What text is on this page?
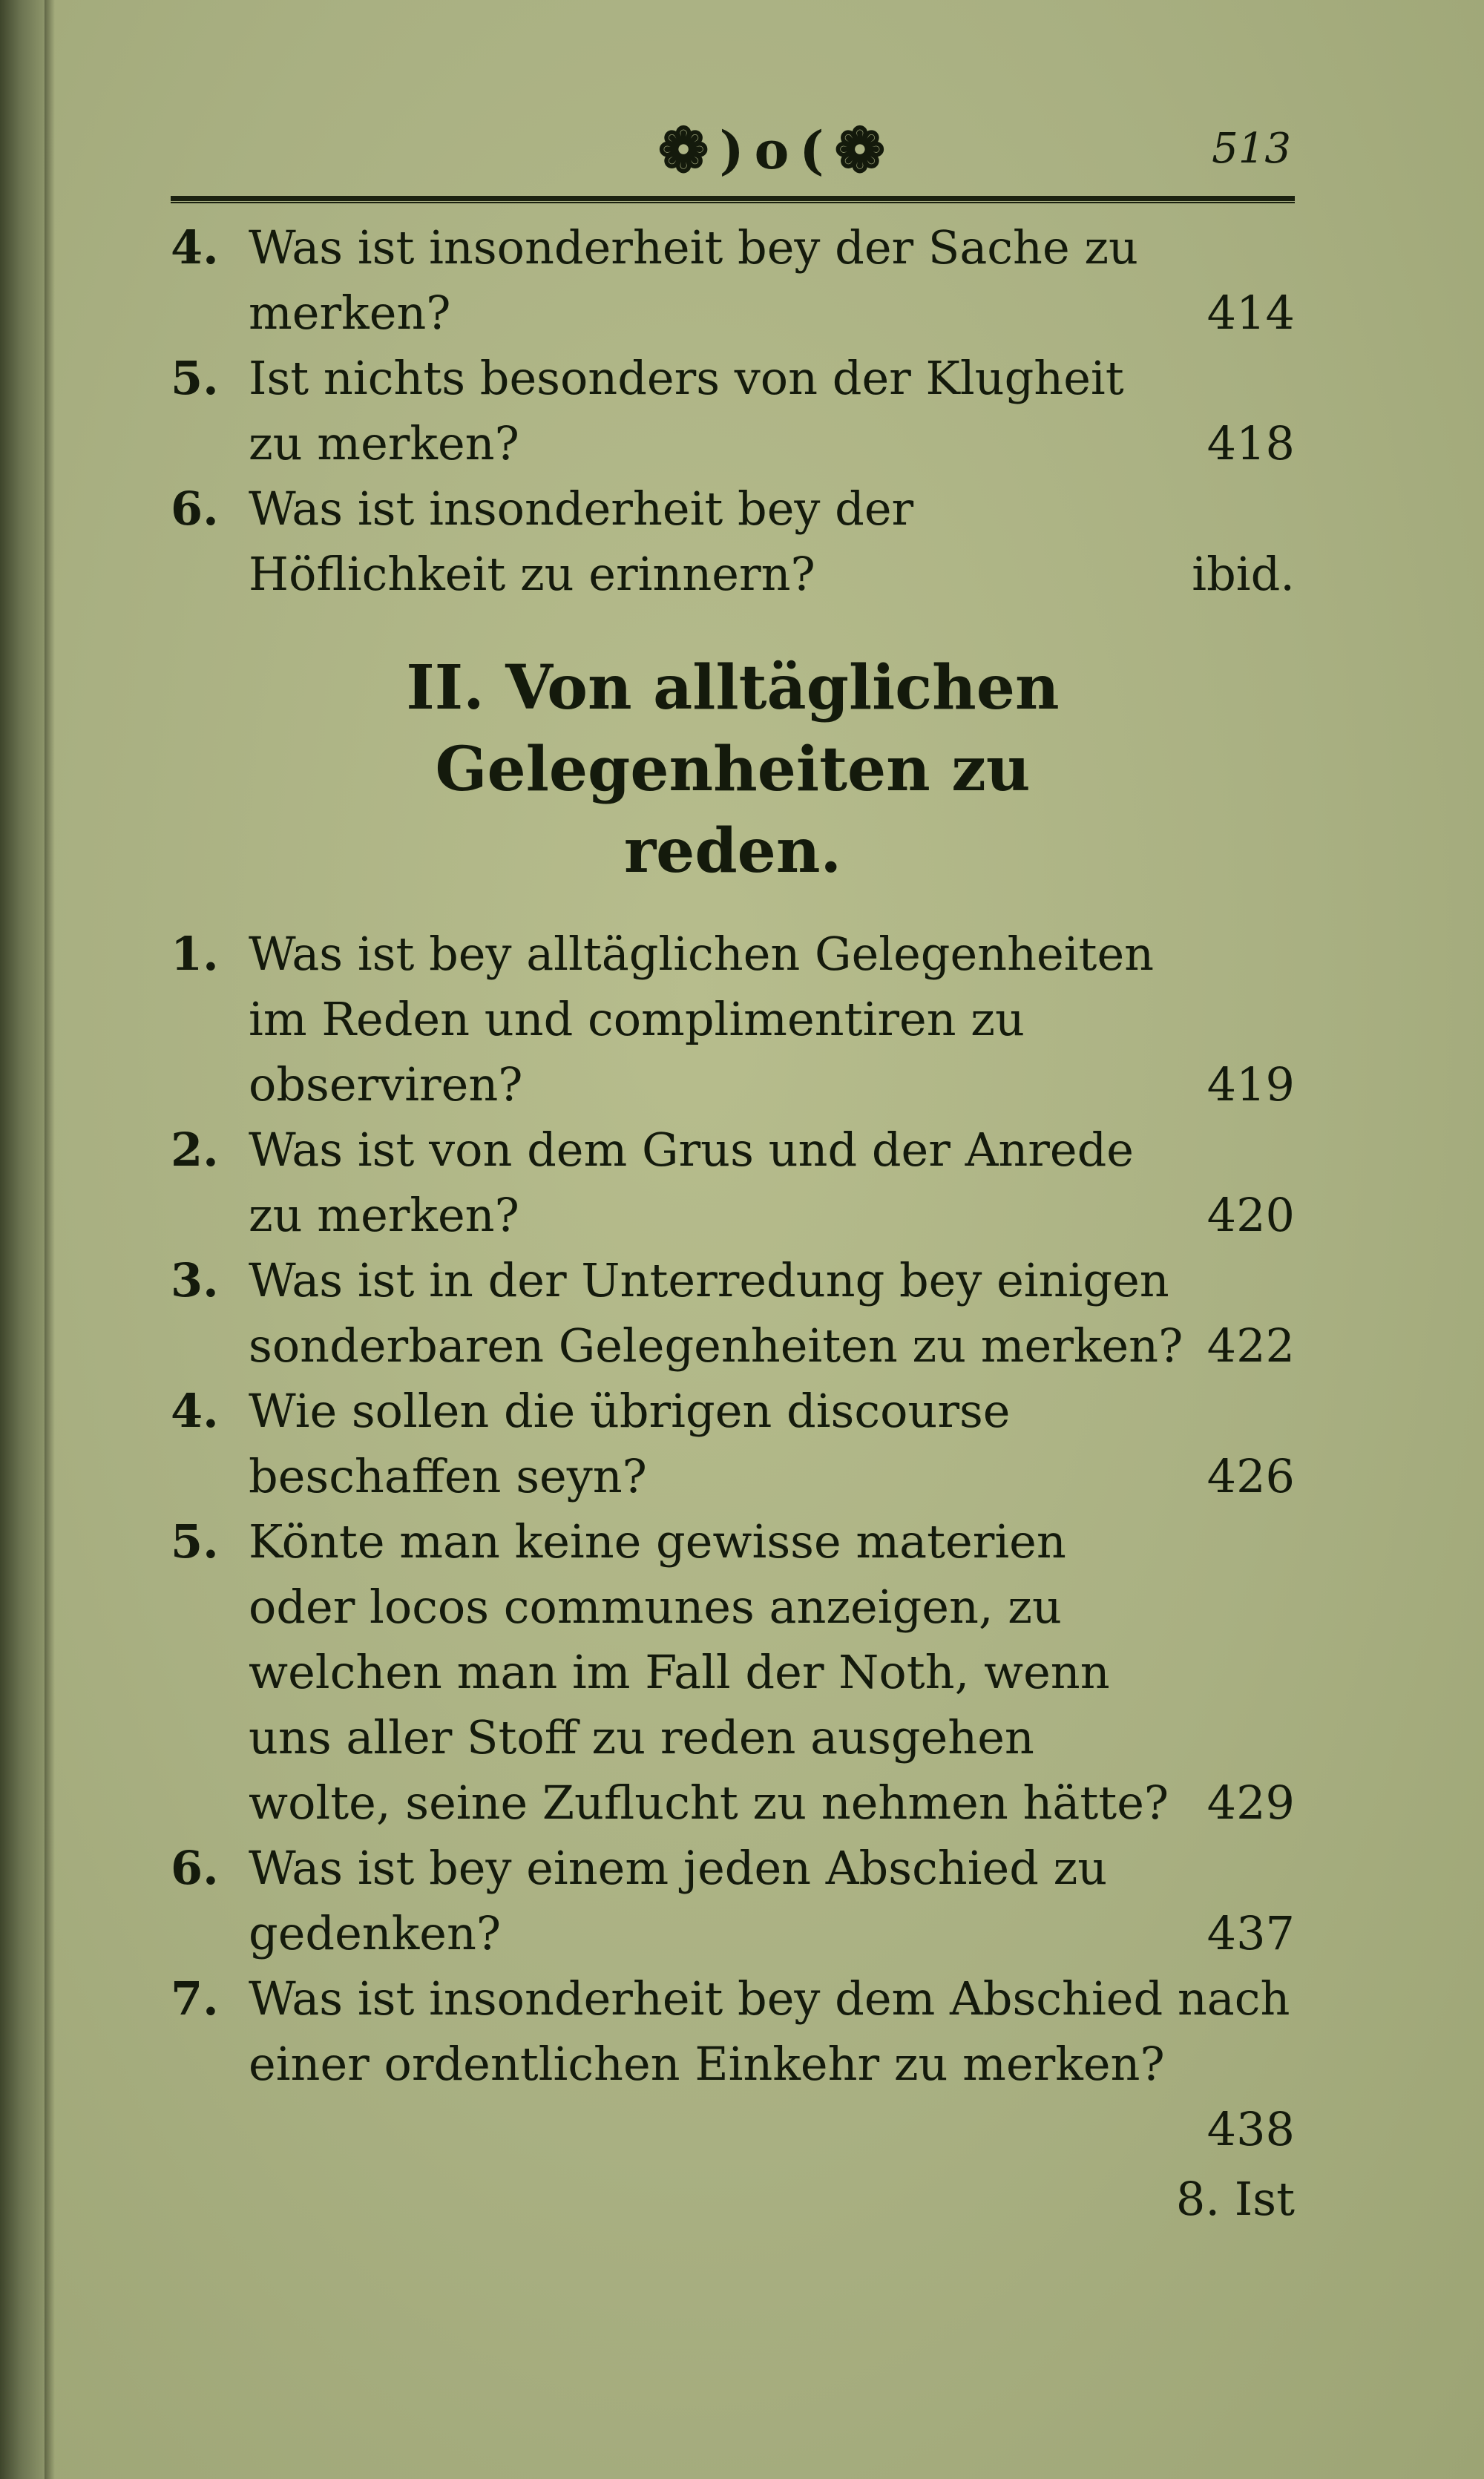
❁ ) o ( ❁	513
4.
414
Was ist insonderheit bey der Sache zu merken?
5.
418
Ist nichts besonders von der Klugheit zu merken?
6.
ibid.
Was ist insonderheit bey der Höflichkeit zu erinnern?
II. Von alltäglichen Gelegenheiten zu
reden.
1.
419
Was ist bey alltäglichen Gelegenheiten im Reden und complimentiren zu observiren?
2.
420
Was ist von dem Grus und der Anrede zu merken?
3.
422
Was ist in der Unterredung bey einigen sonderbaren Gelegenheiten zu merken?
4.
426
Wie sollen die übrigen discourse beschaffen seyn?
5.
429
Könte man keine gewisse materien oder locos communes anzeigen, zu welchen man im Fall der Noth, wenn uns aller Stoff zu reden ausgehen wolte, seine Zuflucht zu nehmen hätte?
6.
437
Was ist bey einem jeden Abschied zu gedenken?
7. Was ist insonderheit bey dem Abschied nach einer ordentlichen Einkehr zu merken?
438
8. Ist
